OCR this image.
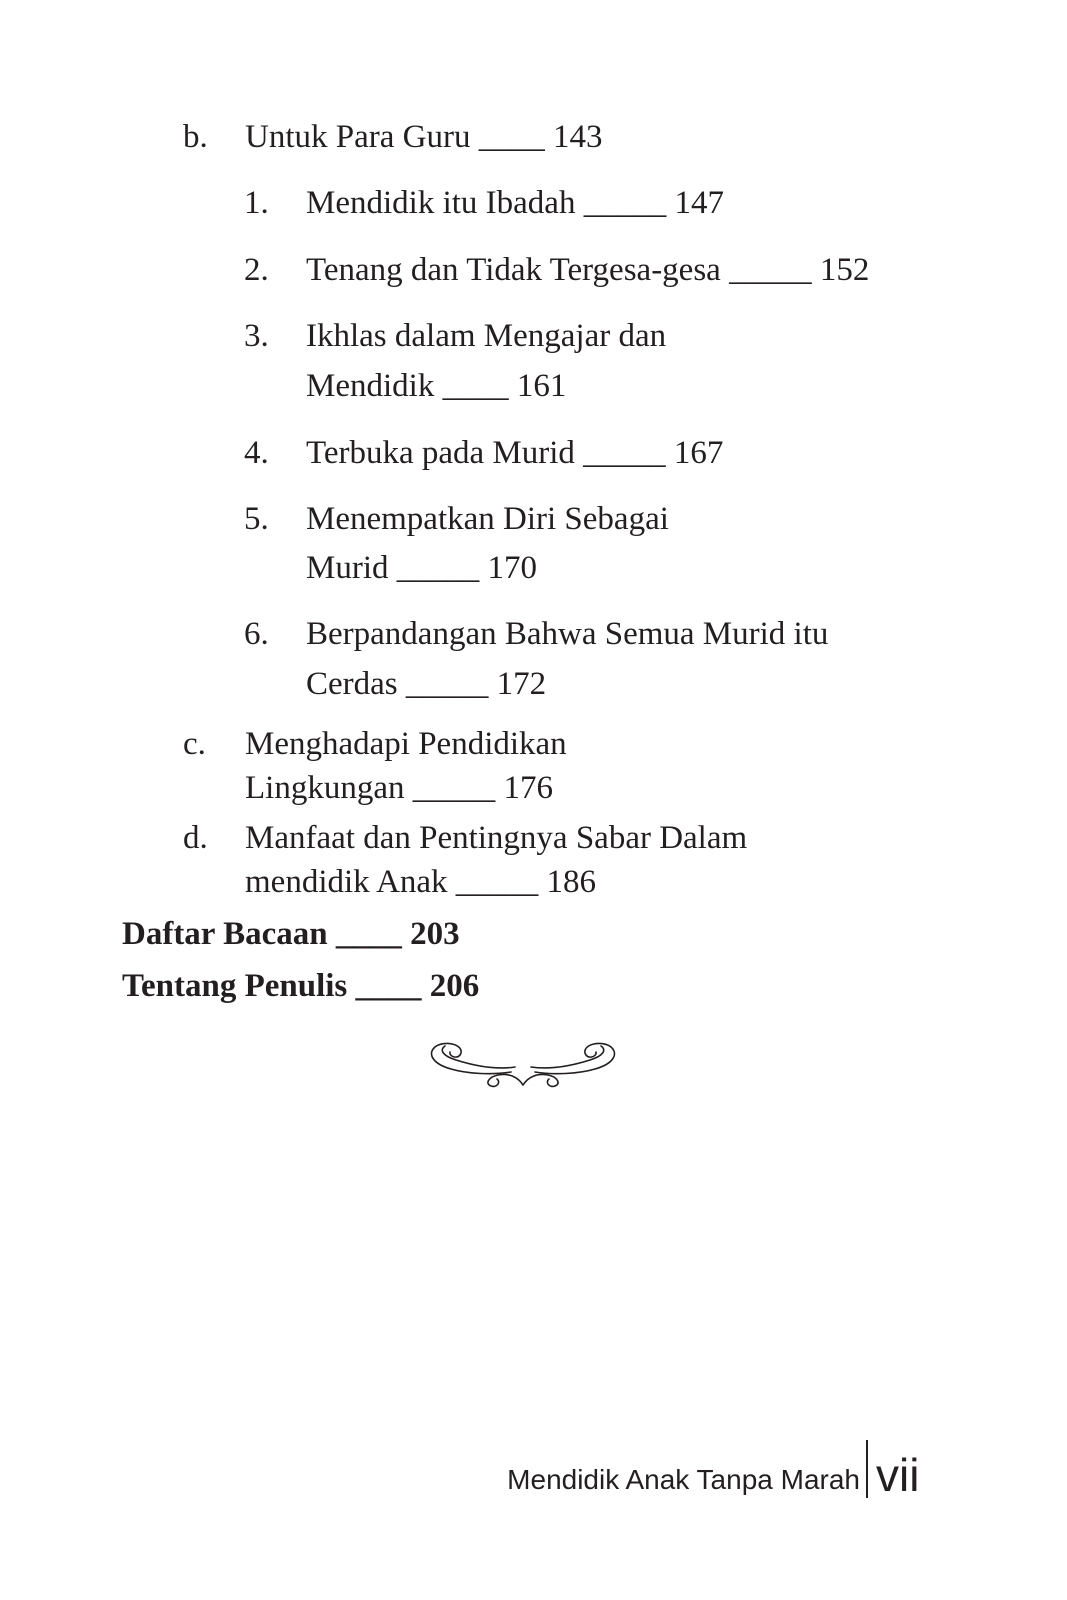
b. Untuk Para Guru ____ 143
1. Mendidik itu Ibadah _____ 147
2. Tenang dan Tidak Tergesa-gesa _____ 152
3. Ikhlas dalam Mengajar dan
Mendidik ____ 161
4. Terbuka pada Murid _____ 167
5. Menempatkan Diri Sebagai
Murid _____ 170
6. Berpandangan Bahwa Semua Murid itu
Cerdas _____ 172
c. Menghadapi Pendidikan
Lingkungan _____ 176
d. Manfaat dan Pentingnya Sabar Dalam
mendidik Anak _____ 186
Daftar Bacaan ____ 203
Tentang Penulis ____ 206
Mendidik Anak Tanpa Marah vii
